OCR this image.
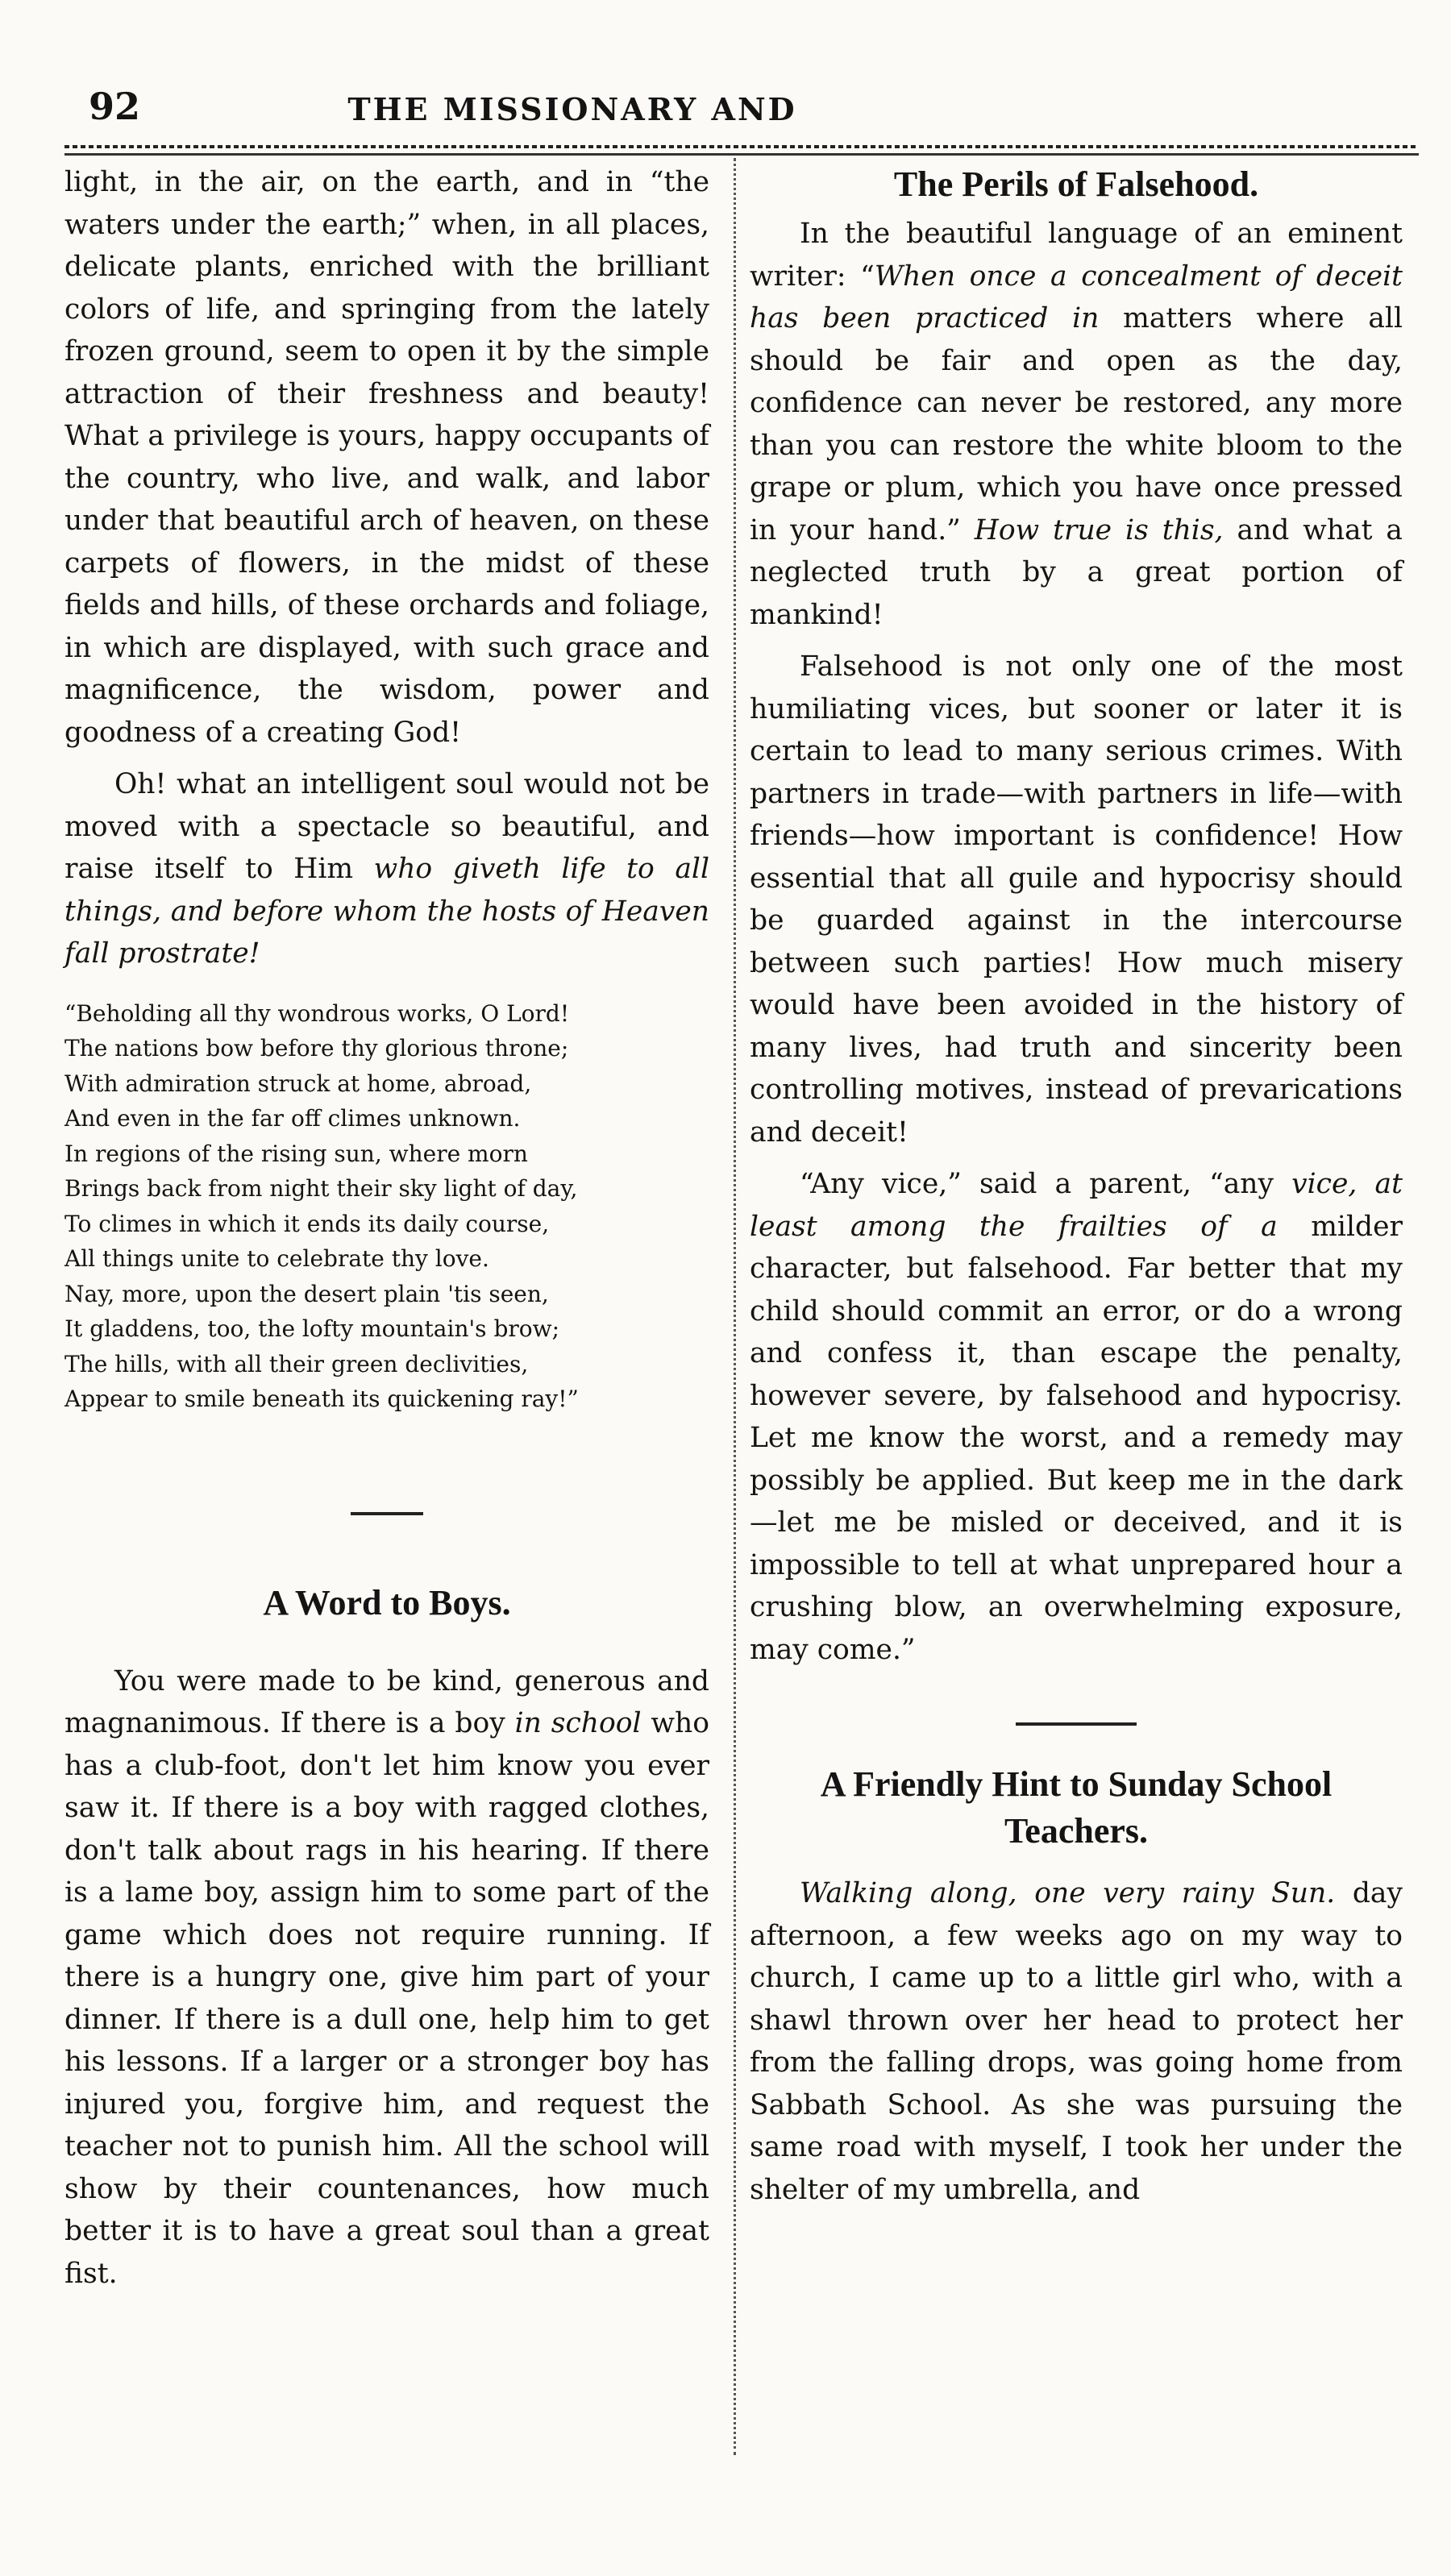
92	THE MISSIONARY AND

light, in the air, on the earth, and in “the waters under the earth;” when, in all places, delicate plants, enriched with the brilliant colors of life, and springing from the lately frozen ground, seem to open it by the simple attraction of their freshness and beauty! What a privilege is yours, happy occupants of the country, who live, and walk, and labor under that beautiful arch of heaven, on these carpets of flowers, in the midst of these fields and hills, of these orchards and foliage, in which are displayed, with such grace and magnificence, the wisdom, power and goodness of a creating God!

Oh! what an intelligent soul would not be moved with a spectacle so beautiful, and raise itself to Him who giveth life to all things, and before whom the hosts of Heaven fall prostrate!

“Beholding all thy wondrous works, O Lord!
The nations bow before thy glorious throne;
With admiration struck at home, abroad,
And even in the far off climes unknown.
In regions of the rising sun, where morn
Brings back from night their sky light of day,
To climes in which it ends its daily course,
All things unite to celebrate thy love.
Nay, more, upon the desert plain 'tis seen,
It gladdens, too, the lofty mountain's brow;
The hills, with all their green declivities,
Appear to smile beneath its quickening ray!”
A Word to Boys.

You were made to be kind, generous and magnanimous. If there is a boy in school who has a club-foot, don't let him know you ever saw it. If there is a boy with ragged clothes, don't talk about rags in his hearing. If there is a lame boy, assign him to some part of the game which does not require running. If there is a hungry one, give him part of your dinner. If there is a dull one, help him to get his lessons. If a larger or a stronger boy has injured you, forgive him, and request the teacher not to punish him. All the school will show by their countenances, how much better it is to have a great soul than a great fist.

The Perils of Falsehood.

In the beautiful language of an eminent writer: “When once a concealment of deceit has been practiced in matters where all should be fair and open as the day, confidence can never be restored, any more than you can restore the white bloom to the grape or plum, which you have once pressed in your hand.” How true is this, and what a neglected truth by a great portion of mankind!

Falsehood is not only one of the most humiliating vices, but sooner or later it is certain to lead to many serious crimes. With partners in trade—with partners in life—with friends—how important is confidence! How essential that all guile and hypocrisy should be guarded against in the intercourse between such parties! How much misery would have been avoided in the history of many lives, had truth and sincerity been controlling motives, instead of prevarications and deceit!

“Any vice,” said a parent, “any vice, at least among the frailties of a milder character, but falsehood. Far better that my child should commit an error, or do a wrong and confess it, than escape the penalty, however severe, by falsehood and hypocrisy. Let me know the worst, and a remedy may possibly be applied. But keep me in the dark—let me be misled or deceived, and it is impossible to tell at what unprepared hour a crushing blow, an overwhelming exposure, may come.”

A Friendly Hint to Sunday School Teachers.

Walking along, one very rainy Sun. day afternoon, a few weeks ago on my way to church, I came up to a little girl who, with a shawl thrown over her head to protect her from the falling drops, was going home from Sabbath School. As she was pursuing the same road with myself, I took her under the shelter of my umbrella, and
